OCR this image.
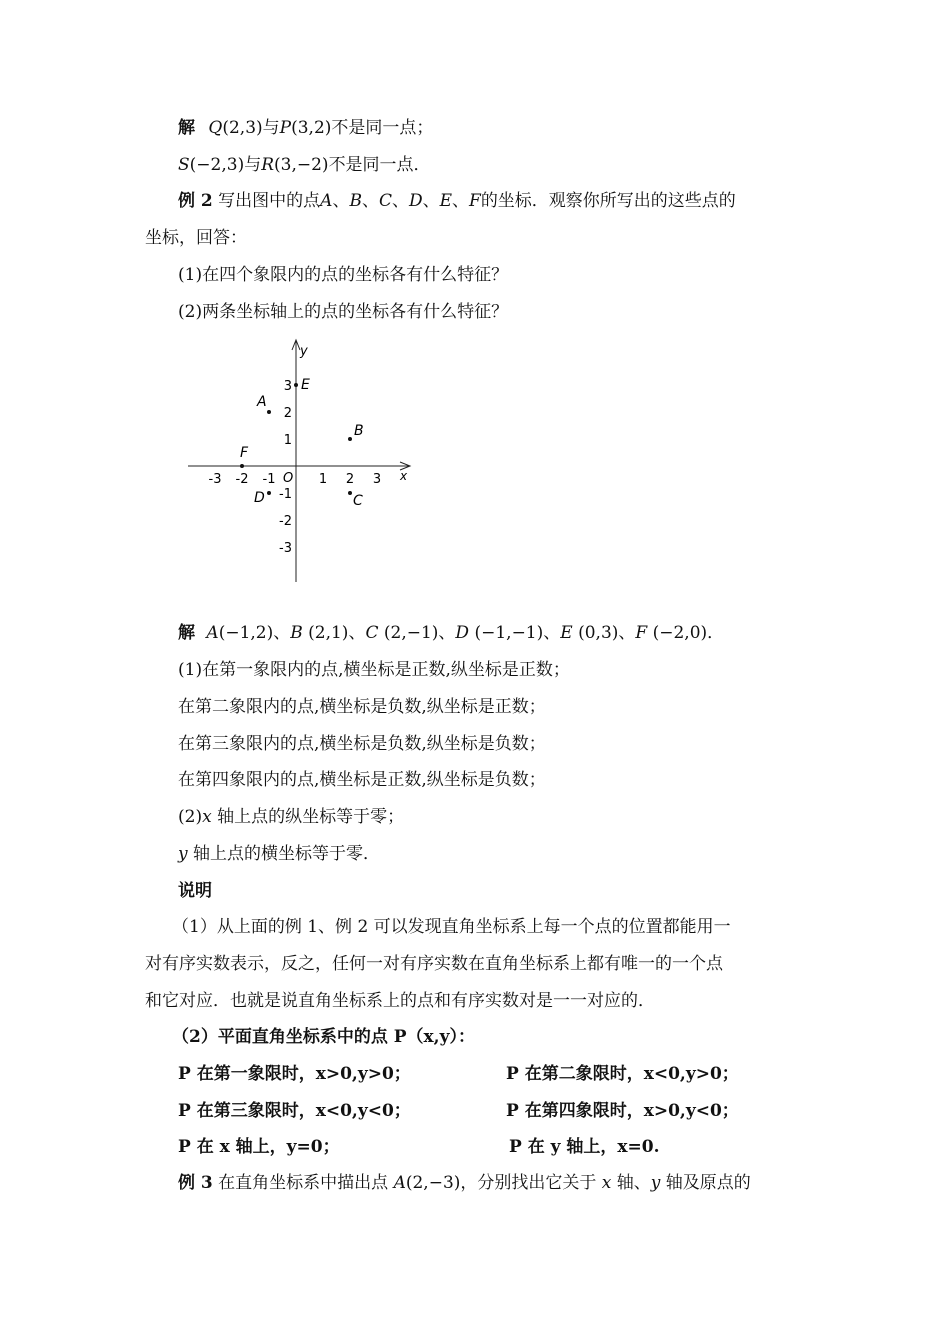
解 Q(2,3)与P(3,2)不是同一点；
S(−2,3)与R(3,−2)不是同一点．
例 2 写出图中的点A、B、C、D、E、F的坐标．观察你所写出的这些点的
坐标，回答：
(1)在四个象限内的点的坐标各有什么特征？
(2)两条坐标轴上的点的坐标各有什么特征？
x
y
O
-3 -2 -1	1 2 3
3
2
1
-1
-2
-3
A
B
C
D
E
F
解 A(−1,2)、B (2,1)、C (2,−1)、D (−1,−1)、E (0,3)、F (−2,0)．
(1)在第一象限内的点,横坐标是正数,纵坐标是正数；
在第二象限内的点,横坐标是负数,纵坐标是正数；
在第三象限内的点,横坐标是负数,纵坐标是负数；
在第四象限内的点,横坐标是正数,纵坐标是负数；
(2)x 轴上点的纵坐标等于零；
y 轴上点的横坐标等于零．
说明
（1）从上面的例 1、例 2 可以发现直角坐标系上每一个点的位置都能用一
对有序实数表示，反之，任何一对有序实数在直角坐标系上都有唯一的一个点
和它对应．也就是说直角坐标系上的点和有序实数对是一一对应的．
（2）平面直角坐标系中的点 P（x,y）：
P 在第一象限时，x>0,y>0；	P 在第二象限时，x<0,y>0；
P 在第三象限时，x<0,y<0；	P 在第四象限时，x>0,y<0；
P 在 x 轴上，y=0；	P 在 y 轴上，x=0.
例 3 在直角坐标系中描出点 A(2,−3)，分别找出它关于 x 轴、y 轴及原点的
